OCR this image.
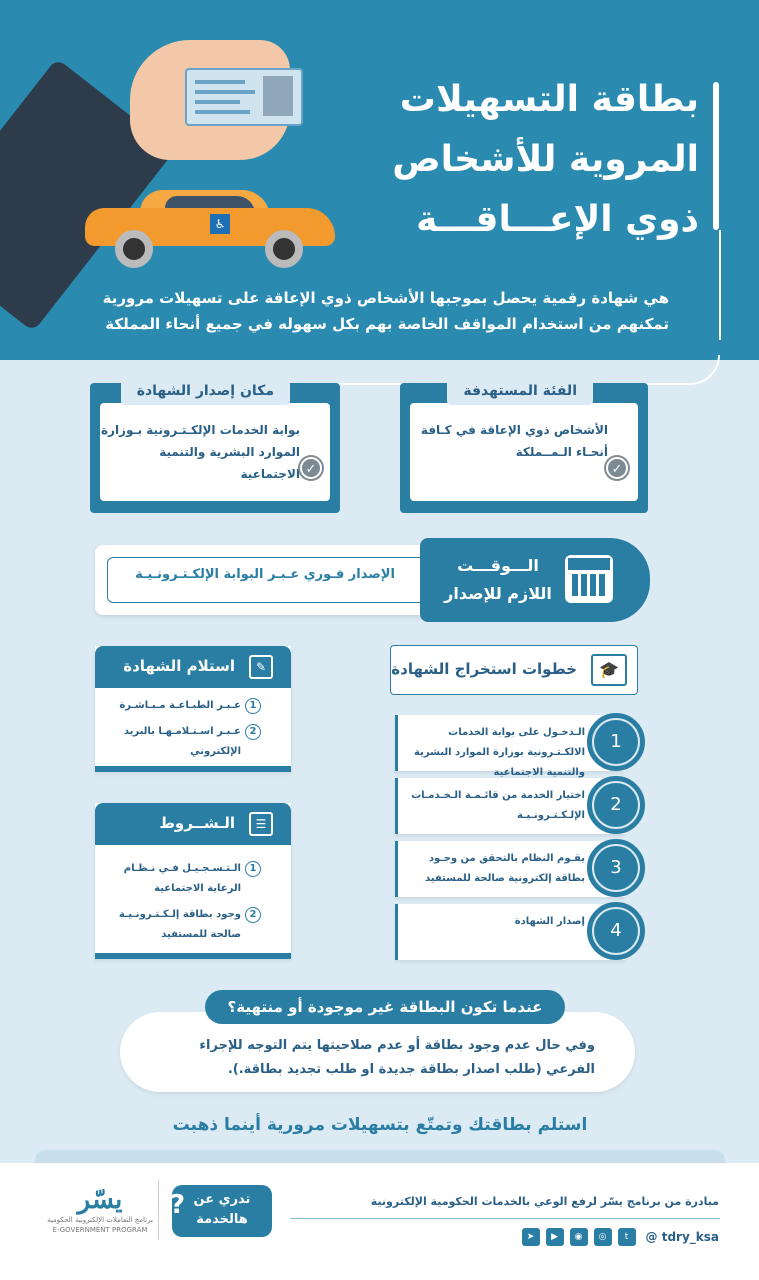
♿
بطاقة التسهيلات
المروية للأشخاص
ذوي الإعـــاقـــة
هي شهادة رقمية يحصل بموجبها الأشخاص ذوي الإعاقة على تسهيلات مرورية تمكنهم من استخدام المواقف الخاصة بهم بكل سهوله في جميع أنحاء المملكة
الفئة المستهدفة
الأشخاص ذوي الإعاقة في كـافة أنحـاء الـمــملكة
✓
مكان إصدار الشهادة
بوابة الخدمات الإلكـتـرونية بـوزارة الموارد البشرية والتنمية الاجتماعية ✓
الإصدار فـوري عـبـر البوابة الإلكـتـرونـيـة	الـــوقـــت
اللازم للإصدار
🎓
خطوات استخراج الشهادة
الـدخـول على بوابة الخدمات الالكـتـرونية بوزارة الموارد البشرية والتنمية الاجتماعية
1
اختيار الخدمة من قائـمـة الـخـدمـات الإلـكـتـرونـيـة
2
يقـوم النظام بالتحقق من وجـود بطاقة إلكترونية صالحة للمستفيد
3
إصدار الشهادة	4
✎
استلام الشهادة
1
عـبـر الطبـاعـة مـبـاشـرة
2
عـبـر اسـتـلامـهـا بالبريد الإلكتروني
☰
الـشــروط
1
الـتـسـجـيـل فـي نـظـام الرعاية الاجتماعية
2
وجود بطاقة إلـكـتـرونـيـة صالحة للمستفيد
عندما تكون البطاقة غير موجودة أو منتهية؟
وفي حال عدم وجود بطاقة أو عدم صلاحيتها يتم التوجه للإجراء الفرعي (طلب اصدار بطاقة جديدة او طلب تجديد بطاقة.).
استلم بطاقتك وتمتّع بتسهيلات مرورية أينما ذهبت
مبادرة من برنامج يسّر لرفع الوعي بالخدمات الحكومية الإلكترونية
➤	▶	◉	◎	t	@ tdry_ksa
? تدري عن
هالخدمة
يسّر
برنامج التعاملات الإلكترونية الحكومية
E-GOVERNMENT PROGRAM
